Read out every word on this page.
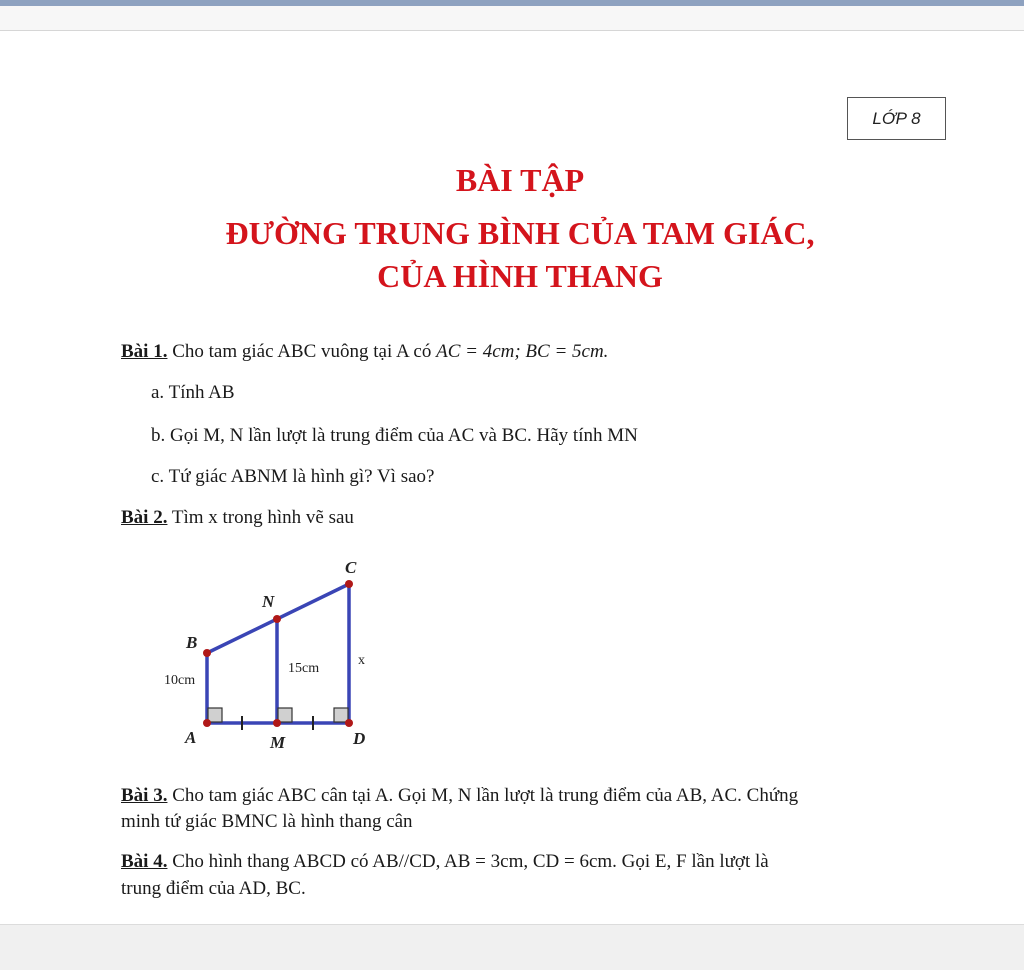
LỚP 8
BÀI TẬP
ĐƯỜNG TRUNG BÌNH CỦA TAM GIÁC,
CỦA HÌNH THANG
Bài 1. Cho tam giác ABC vuông tại A có AC = 4cm; BC = 5cm.
a. Tính AB
b. Gọi M, N lần lượt là trung điểm của AC và BC. Hãy tính MN
c. Tứ giác ABNM là hình gì? Vì sao?
Bài 2. Tìm x trong hình vẽ sau
A	M	D
B
N
C
10cm
15cm
x
Bài 3. Cho tam giác ABC cân tại A. Gọi M, N lần lượt là trung điểm của AB, AC. Chứng
minh tứ giác BMNC là hình thang cân
Bài 4. Cho hình thang ABCD có AB//CD, AB = 3cm, CD = 6cm. Gọi E, F lần lượt là
trung điểm của AD, BC.
